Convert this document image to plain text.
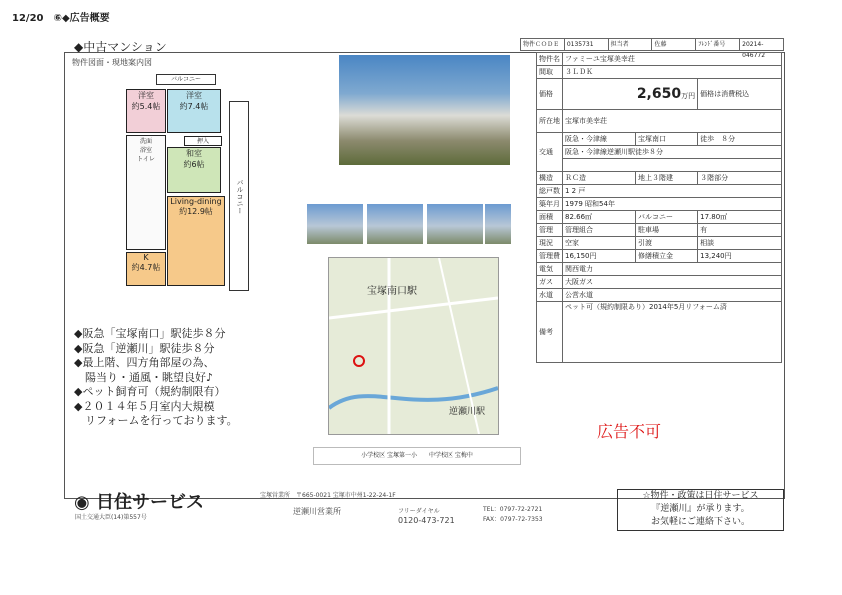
12/20　 ⑥◆広告概要
◆中古マンション
物件図面・現地案内図
バルコニー
洋室
約5.4帖
洋室
約7.4帖
押入
和室
約6帖
Living-dining
約12.9帖
K
約4.7帖
洗面
浴室
トイレ
バルコニー
◆阪急「宝塚南口」駅徒歩８分
◆阪急「逆瀬川」駅徒歩８分
◆最上階、四方角部屋の為、
　陽当り・通風・眺望良好♪
◆ペット飼育可（規約制限有）
◆２０１４年５月室内大規模
　リフォームを行っております。
宝塚南口駅
逆瀬川駅
小学校区 宝塚第一小　　中学校区 宝梅中
物件ＣＯＤＥ	0135731	担当者	佐藤	ﾌﾚﾝﾄﾞ番号	20214-046772
物件名	ファミーユ宝塚美幸荘		
間取	３ＬＤＫ		
価格	2,650万円		価格は消費税込
所在地	宝塚市美幸荘		
交通	阪急・今津線	宝塚南口	徒歩　８分
	阪急・今津線逆瀬川駅徒歩８分		

構造	ＲＣ造	地上３階建	３階部分
総戸数	1 2 戸		
築年月	1979 昭和54年		
面積	82.66㎡	バルコニー	17.80㎡
管理	管理組合	駐車場	有
現況	空家	引渡	相談
管理費	16,150円	修繕積立金	13,240円
電気	関西電力		
ガス	大阪ガス		
水道	公営水道		
備考	ペット可（規約制限あり）2014年5月リフォーム済		
広告不可
◉ 日住サービス
国土交通大臣(14)第557号
宝塚営業所　〒665-0021 宝塚市中州1-22-24-1F
逆瀬川営業所	フリーダイヤル
0120-473-721
TEL：0797-72-2721
FAX：0797-72-7353
☆物件・政策は日住サービス
『逆瀬川』が承ります。
お気軽にご連絡下さい。
